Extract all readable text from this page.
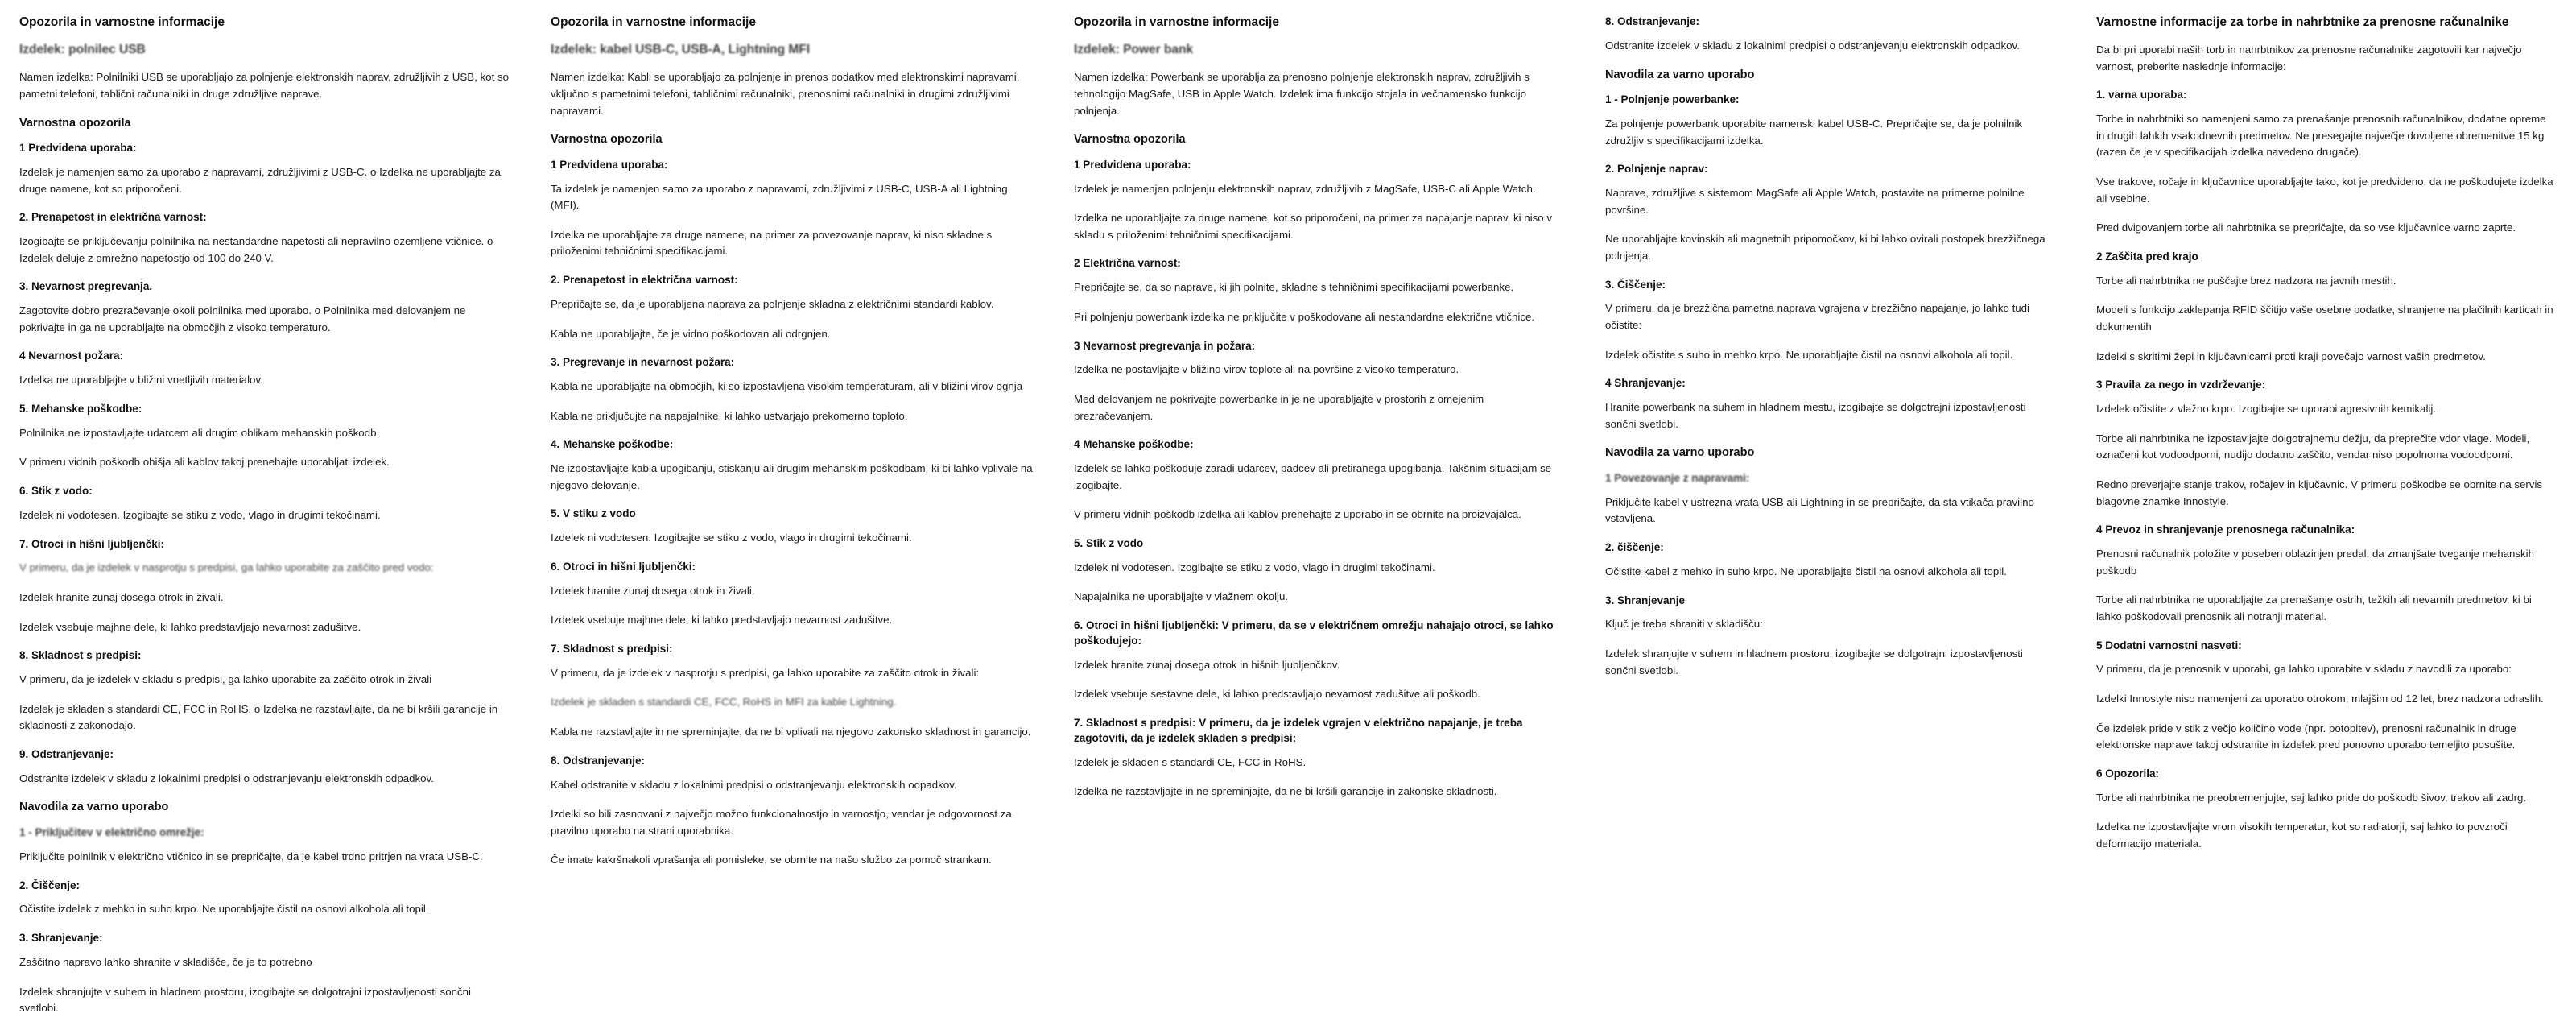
Opozorila in varnostne informacije
Izdelek: polnilec USB

Namen izdelka: Polnilniki USB se uporabljajo za polnjenje elektronskih naprav, združljivih z USB, kot so pametni telefoni, tablični računalniki in druge združljive naprave.

Varnostna opozorila
1 Predvidena uporaba:

Izdelek je namenjen samo za uporabo z napravami, združljivimi z USB-C. o Izdelka ne uporabljajte za druge namene, kot so priporočeni.

2. Prenapetost in električna varnost:

Izogibajte se priključevanju polnilnika na nestandardne napetosti ali nepravilno ozemljene vtičnice. o Izdelek deluje z omrežno napetostjo od 100 do 240 V.

3. Nevarnost pregrevanja.

Zagotovite dobro prezračevanje okoli polnilnika med uporabo. o Polnilnika med delovanjem ne pokrivajte in ga ne uporabljajte na območjih z visoko temperaturo.

4 Nevarnost požara:

Izdelka ne uporabljajte v bližini vnetljivih materialov.

5. Mehanske poškodbe:

Polnilnika ne izpostavljajte udarcem ali drugim oblikam mehanskih poškodb.

V primeru vidnih poškodb ohišja ali kablov takoj prenehajte uporabljati izdelek.

6. Stik z vodo:

Izdelek ni vodotesen. Izogibajte se stiku z vodo, vlago in drugimi tekočinami.

7. Otroci in hišni ljubljenčki:

V primeru, da je izdelek v nasprotju s predpisi, ga lahko uporabite za zaščito pred vodo:

Izdelek hranite zunaj dosega otrok in živali.

Izdelek vsebuje majhne dele, ki lahko predstavljajo nevarnost zadušitve.

8. Skladnost s predpisi:

V primeru, da je izdelek v skladu s predpisi, ga lahko uporabite za zaščito otrok in živali

Izdelek je skladen s standardi CE, FCC in RoHS. o Izdelka ne razstavljajte, da ne bi kršili garancije in skladnosti z zakonodajo.

9. Odstranjevanje:

Odstranite izdelek v skladu z lokalnimi predpisi o odstranjevanju elektronskih odpadkov.

Navodila za varno uporabo
1 - Priključitev v električno omrežje:

Priključite polnilnik v električno vtičnico in se prepričajte, da je kabel trdno pritrjen na vrata USB-C.

2. Čiščenje:

Očistite izdelek z mehko in suho krpo. Ne uporabljajte čistil na osnovi alkohola ali topil.

3. Shranjevanje:

Zaščitno napravo lahko shranite v skladišče, če je to potrebno

Izdelek shranjujte v suhem in hladnem prostoru, izogibajte se dolgotrajni izpostavljenosti sončni svetlobi.

Opozorila in varnostne informacije
Izdelek: kabel USB-C, USB-A, Lightning MFI

Namen izdelka: Kabli se uporabljajo za polnjenje in prenos podatkov med elektronskimi napravami, vključno s pametnimi telefoni, tabličnimi računalniki, prenosnimi računalniki in drugimi združljivimi napravami.

Varnostna opozorila
1 Predvidena uporaba:

Ta izdelek je namenjen samo za uporabo z napravami, združljivimi z USB-C, USB-A ali Lightning (MFI).

Izdelka ne uporabljajte za druge namene, na primer za povezovanje naprav, ki niso skladne s priloženimi tehničnimi specifikacijami.

2. Prenapetost in električna varnost:

Prepričajte se, da je uporabljena naprava za polnjenje skladna z električnimi standardi kablov.

Kabla ne uporabljajte, če je vidno poškodovan ali odrgnjen.

3. Pregrevanje in nevarnost požara:

Kabla ne uporabljajte na območjih, ki so izpostavljena visokim temperaturam, ali v bližini virov ognja

Kabla ne priključujte na napajalnike, ki lahko ustvarjajo prekomerno toploto.

4. Mehanske poškodbe:

Ne izpostavljajte kabla upogibanju, stiskanju ali drugim mehanskim poškodbam, ki bi lahko vplivale na njegovo delovanje.

5. V stiku z vodo

Izdelek ni vodotesen. Izogibajte se stiku z vodo, vlago in drugimi tekočinami.

6. Otroci in hišni ljubljenčki:

Izdelek hranite zunaj dosega otrok in živali.

Izdelek vsebuje majhne dele, ki lahko predstavljajo nevarnost zadušitve.

7. Skladnost s predpisi:

V primeru, da je izdelek v nasprotju s predpisi, ga lahko uporabite za zaščito otrok in živali:

Izdelek je skladen s standardi CE, FCC, RoHS in MFI za kable Lightning.

Kabla ne razstavljajte in ne spreminjajte, da ne bi vplivali na njegovo zakonsko skladnost in garancijo.

8. Odstranjevanje:

Kabel odstranite v skladu z lokalnimi predpisi o odstranjevanju elektronskih odpadkov.

Izdelki so bili zasnovani z največjo možno funkcionalnostjo in varnostjo, vendar je odgovornost za pravilno uporabo na strani uporabnika.

Če imate kakršnakoli vprašanja ali pomisleke, se obrnite na našo službo za pomoč strankam.

Opozorila in varnostne informacije
Izdelek: Power bank

Namen izdelka: Powerbank se uporablja za prenosno polnjenje elektronskih naprav, združljivih s tehnologijo MagSafe, USB in Apple Watch. Izdelek ima funkcijo stojala in večnamensko funkcijo polnjenja.

Varnostna opozorila
1 Predvidena uporaba:

Izdelek je namenjen polnjenju elektronskih naprav, združljivih z MagSafe, USB-C ali Apple Watch.

Izdelka ne uporabljajte za druge namene, kot so priporočeni, na primer za napajanje naprav, ki niso v skladu s priloženimi tehničnimi specifikacijami.

2 Električna varnost:

Prepričajte se, da so naprave, ki jih polnite, skladne s tehničnimi specifikacijami powerbanke.

Pri polnjenju powerbank izdelka ne priključite v poškodovane ali nestandardne električne vtičnice.

3 Nevarnost pregrevanja in požara:

Izdelka ne postavljajte v bližino virov toplote ali na površine z visoko temperaturo.

Med delovanjem ne pokrivajte powerbanke in je ne uporabljajte v prostorih z omejenim prezračevanjem.

4 Mehanske poškodbe:

Izdelek se lahko poškoduje zaradi udarcev, padcev ali pretiranega upogibanja. Takšnim situacijam se izogibajte.

V primeru vidnih poškodb izdelka ali kablov prenehajte z uporabo in se obrnite na proizvajalca.

5. Stik z vodo

Izdelek ni vodotesen. Izogibajte se stiku z vodo, vlago in drugimi tekočinami.

Napajalnika ne uporabljajte v vlažnem okolju.

6. Otroci in hišni ljubljenčki: V primeru, da se v električnem omrežju nahajajo otroci, se lahko poškodujejo:

Izdelek hranite zunaj dosega otrok in hišnih ljubljenčkov.

Izdelek vsebuje sestavne dele, ki lahko predstavljajo nevarnost zadušitve ali poškodb.

7. Skladnost s predpisi: V primeru, da je izdelek vgrajen v električno napajanje, je treba zagotoviti, da je izdelek skladen s predpisi:

Izdelek je skladen s standardi CE, FCC in RoHS.

Izdelka ne razstavljajte in ne spreminjajte, da ne bi kršili garancije in zakonske skladnosti.

8. Odstranjevanje:

Odstranite izdelek v skladu z lokalnimi predpisi o odstranjevanju elektronskih odpadkov.

Navodila za varno uporabo
1 - Polnjenje powerbanke:

Za polnjenje powerbank uporabite namenski kabel USB-C. Prepričajte se, da je polnilnik združljiv s specifikacijami izdelka.

2. Polnjenje naprav:

Naprave, združljive s sistemom MagSafe ali Apple Watch, postavite na primerne polnilne površine.

Ne uporabljajte kovinskih ali magnetnih pripomočkov, ki bi lahko ovirali postopek brezžičnega polnjenja.

3. Čiščenje:

V primeru, da je brezžična pametna naprava vgrajena v brezžično napajanje, jo lahko tudi očistite:

Izdelek očistite s suho in mehko krpo. Ne uporabljajte čistil na osnovi alkohola ali topil.

4 Shranjevanje:

Hranite powerbank na suhem in hladnem mestu, izogibajte se dolgotrajni izpostavljenosti sončni svetlobi.

Navodila za varno uporabo
1 Povezovanje z napravami:

Priključite kabel v ustrezna vrata USB ali Lightning in se prepričajte, da sta vtikača pravilno vstavljena.

2. čiščenje:

Očistite kabel z mehko in suho krpo. Ne uporabljajte čistil na osnovi alkohola ali topil.

3. Shranjevanje

Ključ je treba shraniti v skladišču:

Izdelek shranjujte v suhem in hladnem prostoru, izogibajte se dolgotrajni izpostavljenosti sončni svetlobi.

Varnostne informacije za torbe in nahrbtnike za prenosne računalnike

Da bi pri uporabi naših torb in nahrbtnikov za prenosne računalnike zagotovili kar največjo varnost, preberite naslednje informacije:

1. varna uporaba:

Torbe in nahrbtniki so namenjeni samo za prenašanje prenosnih računalnikov, dodatne opreme in drugih lahkih vsakodnevnih predmetov. Ne presegajte največje dovoljene obremenitve 15 kg (razen če je v specifikacijah izdelka navedeno drugače).

Vse trakove, ročaje in ključavnice uporabljajte tako, kot je predvideno, da ne poškodujete izdelka ali vsebine.

Pred dvigovanjem torbe ali nahrbtnika se prepričajte, da so vse ključavnice varno zaprte.

2 Zaščita pred krajo

Torbe ali nahrbtnika ne puščajte brez nadzora na javnih mestih.

Modeli s funkcijo zaklepanja RFID ščitijo vaše osebne podatke, shranjene na plačilnih karticah in dokumentih

Izdelki s skritimi žepi in ključavnicami proti kraji povečajo varnost vaših predmetov.

3 Pravila za nego in vzdrževanje:

Izdelek očistite z vlažno krpo. Izogibajte se uporabi agresivnih kemikalij.

Torbe ali nahrbtnika ne izpostavljajte dolgotrajnemu dežju, da preprečite vdor vlage. Modeli, označeni kot vodoodporni, nudijo dodatno zaščito, vendar niso popolnoma vodoodporni.

Redno preverjajte stanje trakov, ročajev in ključavnic. V primeru poškodbe se obrnite na servis blagovne znamke Innostyle.

4 Prevoz in shranjevanje prenosnega računalnika:

Prenosni računalnik položite v poseben oblazinjen predal, da zmanjšate tveganje mehanskih poškodb

Torbe ali nahrbtnika ne uporabljajte za prenašanje ostrih, težkih ali nevarnih predmetov, ki bi lahko poškodovali prenosnik ali notranji material.

5 Dodatni varnostni nasveti:

V primeru, da je prenosnik v uporabi, ga lahko uporabite v skladu z navodili za uporabo:

Izdelki Innostyle niso namenjeni za uporabo otrokom, mlajšim od 12 let, brez nadzora odraslih.

Če izdelek pride v stik z večjo količino vode (npr. potopitev), prenosni računalnik in druge elektronske naprave takoj odstranite in izdelek pred ponovno uporabo temeljito posušite.

6 Opozorila:

Torbe ali nahrbtnika ne preobremenjujte, saj lahko pride do poškodb šivov, trakov ali zadrg.

Izdelka ne izpostavljajte vrom visokih temperatur, kot so radiatorji, saj lahko to povzroči deformacijo materiala.
